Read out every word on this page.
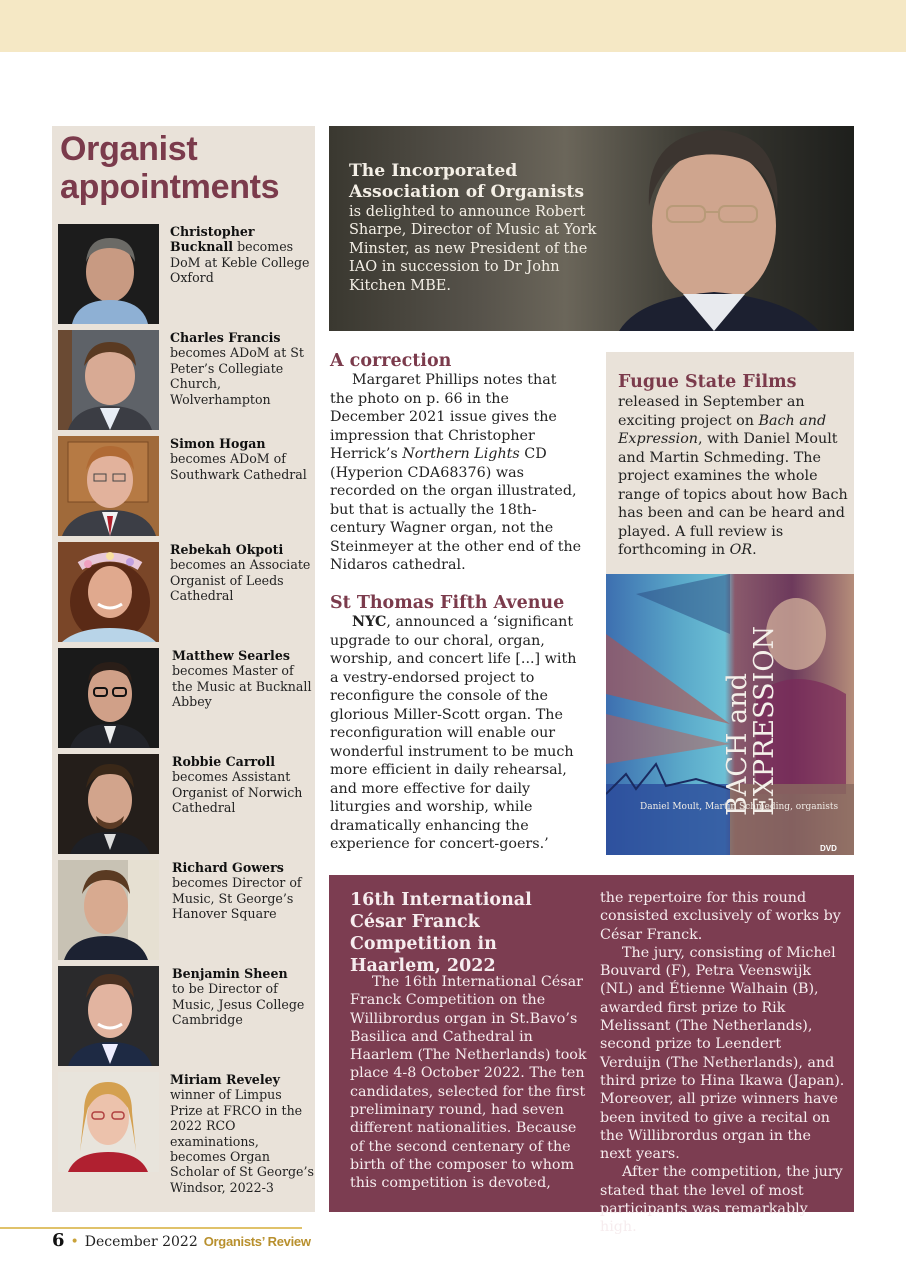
Organist
appointments
Christopher
Bucknall becomes DoM at Keble College Oxford
Charles Francis
becomes ADoM at St Peter’s Collegiate Church, Wolverhampton
Simon Hogan
becomes ADoM of Southwark Cathedral
Rebekah Okpoti
becomes an Associate Organist of Leeds Cathedral
Matthew Searles
becomes Master of the Music at Bucknall Abbey
Robbie Carroll
becomes Assistant Organist of Norwich Cathedral
Richard Gowers
becomes Director of Music, St George’s Hanover Square
Benjamin Sheen
to be Director of Music, Jesus College Cambridge
Miriam Reveley
winner of Limpus Prize at FRCO in the 2022 RCO examinations, becomes Organ Scholar of St George’s Windsor, 2022-3
The Incorporated Association of Organists
is delighted to announce Robert Sharpe, Director of Music at York Minster, as new President of the IAO in succession to Dr John Kitchen MBE.
A correction
Margaret Phillips notes that the photo on p. 66 in the December 2021 issue gives the impression that Christopher Herrick’s Northern Lights CD (Hyperion CDA68376) was recorded on the organ illustrated, but that is actually the 18th-century Wagner organ, not the Steinmeyer at the other end of the Nidaros cathedral.
St Thomas Fifth Avenue
NYC, announced a ‘significant upgrade to our choral, organ, worship, and concert life [...] with a vestry-endorsed project to reconfigure the console of the glorious Miller-Scott organ. The reconfiguration will enable our wonderful instrument to be much more efficient in daily rehearsal, and more effective for daily liturgies and worship, while dramatically enhancing the experience for concert-goers.’
Fugue State Films
released in September an exciting project on Bach and Expression, with Daniel Moult and Martin Schmeding. The project examines the whole range of topics about how Bach has been and can be heard and played. A full review is forthcoming in OR.
BACH and
EXPRESSION
Daniel Moult, Martin Schmeding, organists
DVD
16th International César Franck Competition in Haarlem, 2022
The 16th International César Franck Competition on the Willibrordus organ in St.Bavo’s Basilica and Cathedral in Haarlem (The Netherlands) took place 4-8 October 2022. The ten candidates, selected for the first preliminary round, had seven different nationalities. Because of the second centenary of the birth of the composer to whom this competition is devoted,
the repertoire for this round consisted exclusively of works by César Franck.
The jury, consisting of Michel Bouvard (F), Petra Veenswijk (NL) and Étienne Walhain (B), awarded first prize to Rik Melissant (The Netherlands), second prize to Leendert Verduijn (The Netherlands), and third prize to Hina Ikawa (Japan). Moreover, all prize winners have been invited to give a recital on the Willibrordus organ in the next years.
After the competition, the jury stated that the level of most participants was remarkably high.
6 • December 2022 Organists’ Review
